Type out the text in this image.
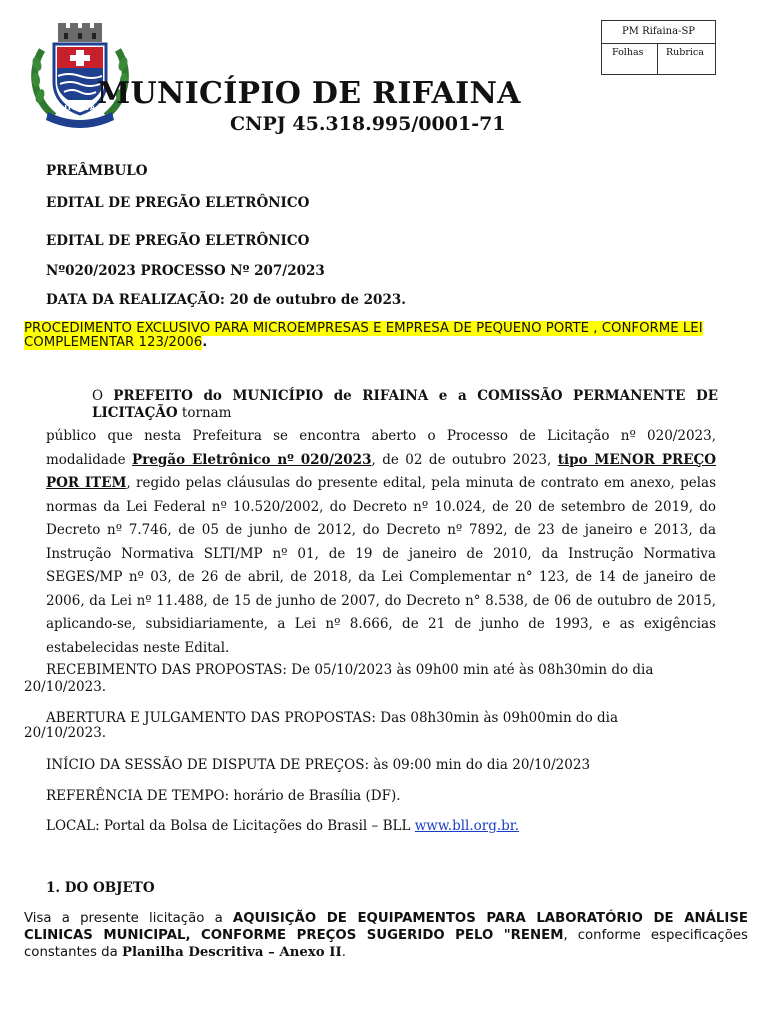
RIFAINA
PM Rifaina-SP
Folhas	Rubrica
MUNICÍPIO DE RIFAINA
CNPJ 45.318.995/0001-71
PREÂMBULO
EDITAL DE PREGÃO ELETRÔNICO
EDITAL DE PREGÃO ELETRÔNICO
Nº020/2023 PROCESSO Nº 207/2023
DATA DA REALIZAÇÃO: 20 de outubro de 2023.
PROCEDIMENTO EXCLUSIVO PARA MICROEMPRESAS E EMPRESA DE PEQUENO PORTE , CONFORME LEI COMPLEMENTAR 123/2006.
O PREFEITO do MUNICÍPIO de RIFAINA e a COMISSÃO PERMANENTE DE LICITAÇÃO tornam
público que nesta Prefeitura se encontra aberto o Processo de Licitação nº 020/2023, modalidade Pregão Eletrônico nº 020/2023, de 02 de outubro 2023, tipo MENOR PREÇO POR ITEM, regido pelas cláusulas do presente edital, pela minuta de contrato em anexo, pelas normas da Lei Federal nº 10.520/2002, do Decreto nº 10.024, de 20 de setembro de 2019, do Decreto nº 7.746, de 05 de junho de 2012, do Decreto nº 7892, de 23 de janeiro e 2013, da Instrução Normativa SLTI/MP nº 01, de 19 de janeiro de 2010, da Instrução Normativa SEGES/MP nº 03, de 26 de abril, de 2018, da Lei Complementar n° 123, de 14 de janeiro de 2006, da Lei nº 11.488, de 15 de junho de 2007, do Decreto n° 8.538, de 06 de outubro de 2015, aplicando-se, subsidiariamente, a Lei nº 8.666, de 21 de junho de 1993, e as exigências estabelecidas neste Edital.
RECEBIMENTO DAS PROPOSTAS: De 05/10/2023 às 09h00 min até às 08h30min do dia
20/10/2023.
ABERTURA E JULGAMENTO DAS PROPOSTAS: Das 08h30min às 09h00min do dia
20/10/2023.
INÍCIO DA SESSÃO DE DISPUTA DE PREÇOS: às 09:00 min do dia 20/10/2023
REFERÊNCIA DE TEMPO: horário de Brasília (DF).
LOCAL: Portal da Bolsa de Licitações do Brasil – BLL www.bll.org.br.
1. DO OBJETO
Visa a presente licitação a AQUISIÇÃO DE EQUIPAMENTOS PARA LABORATÓRIO DE ANÁLISE CLINICAS MUNICIPAL, CONFORME PREÇOS SUGERIDO PELO "RENEM, conforme especificações constantes da Planilha Descritiva – Anexo II.
